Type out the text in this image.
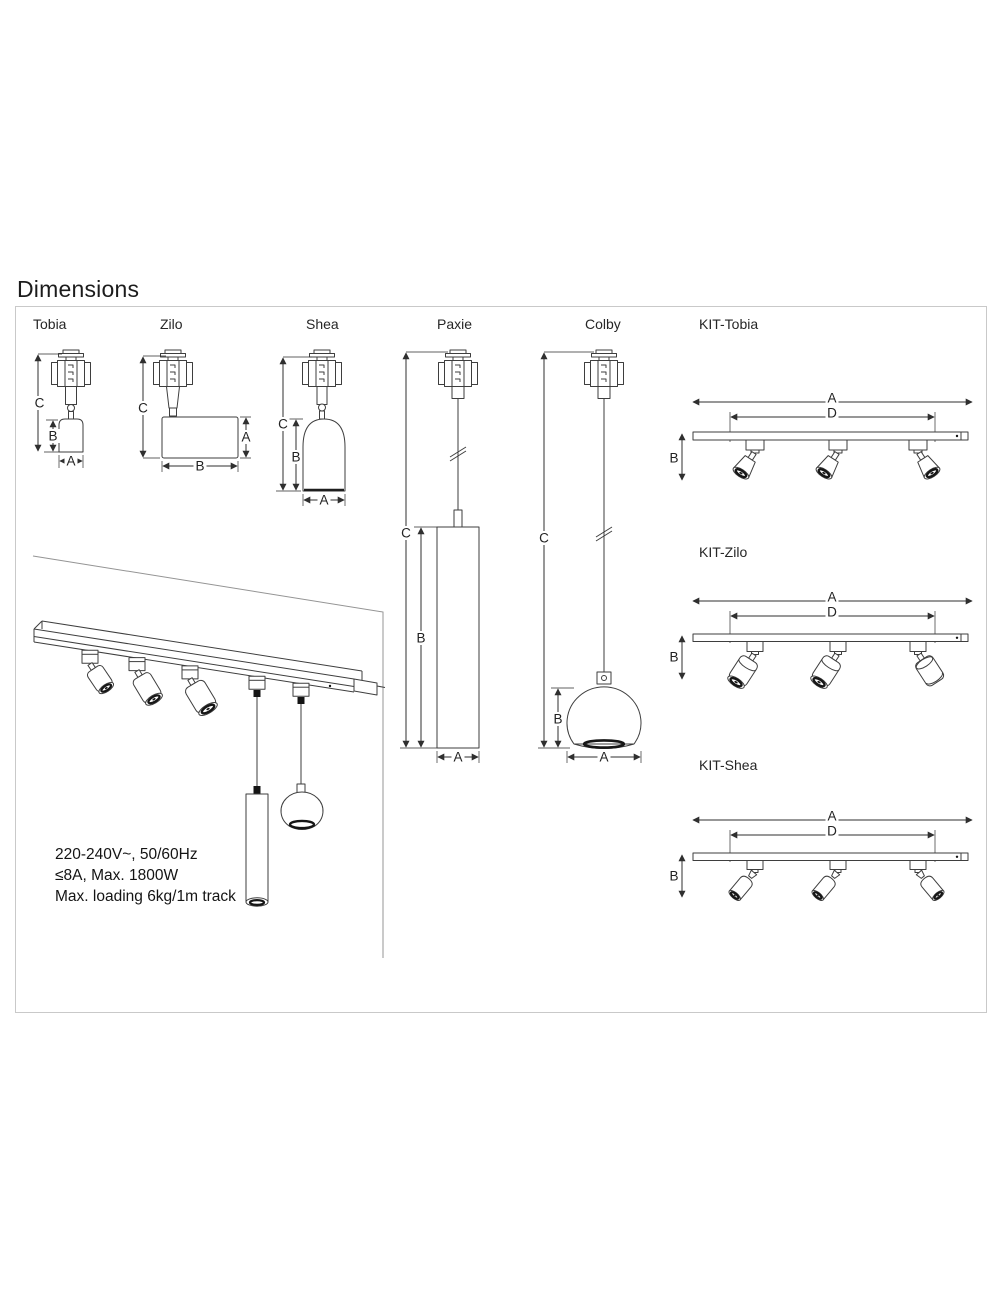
Dimensions
Tobia	Zilo	Shea	Paxie	Colby	KIT-Tobia
KIT-Zilo
KIT-Shea
220-240V~, 50/60Hz
≤8A, Max. 1800W
Max. loading 6kg/1m track
C
B
A
C
A
B
C
B
A
C
B
A
C
B
A
A
D
B
A
D
B
A
D
B
